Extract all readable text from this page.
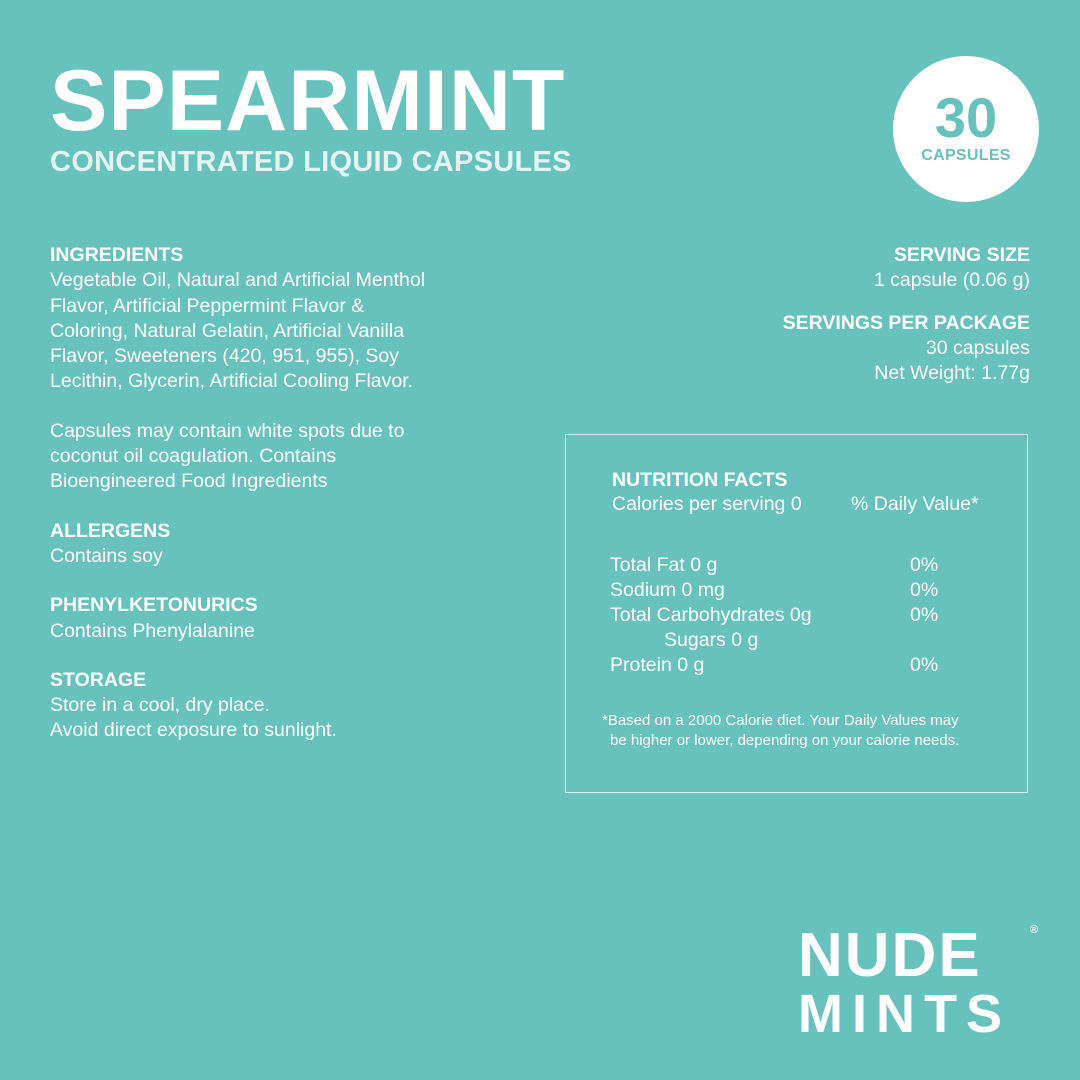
SPEARMINT
CONCENTRATED LIQUID CAPSULES
30
CAPSULES
INGREDIENTS

Vegetable Oil, Natural and Artificial Menthol Flavor, Artificial Peppermint Flavor & Coloring, Natural Gelatin, Artificial Vanilla Flavor, Sweeteners (420, 951, 955), Soy Lecithin, Glycerin, Artificial Cooling Flavor.

Capsules may contain white spots due to coconut oil coagulation. Contains Bioengineered Food Ingredients

ALLERGENS

Contains soy

PHENYLKETONURICS

Contains Phenylalanine

STORAGE

Store in a cool, dry place.

Avoid direct exposure to sunlight.

SERVING SIZE
1 capsule (0.06 g)
SERVINGS PER PACKAGE
30 capsules
Net Weight: 1.77g
NUTRITION FACTS
Calories per serving 0	% Daily Value*
Total Fat 0 g	0%
Sodium 0 mg	0%
Total Carbohydrates 0g	0%
Sugars 0 g
Protein 0 g	0%
*Based on a 2000 Calorie diet. Your Daily Values may
be higher or lower, depending on your calorie needs.
NUDE
MINTS
®
